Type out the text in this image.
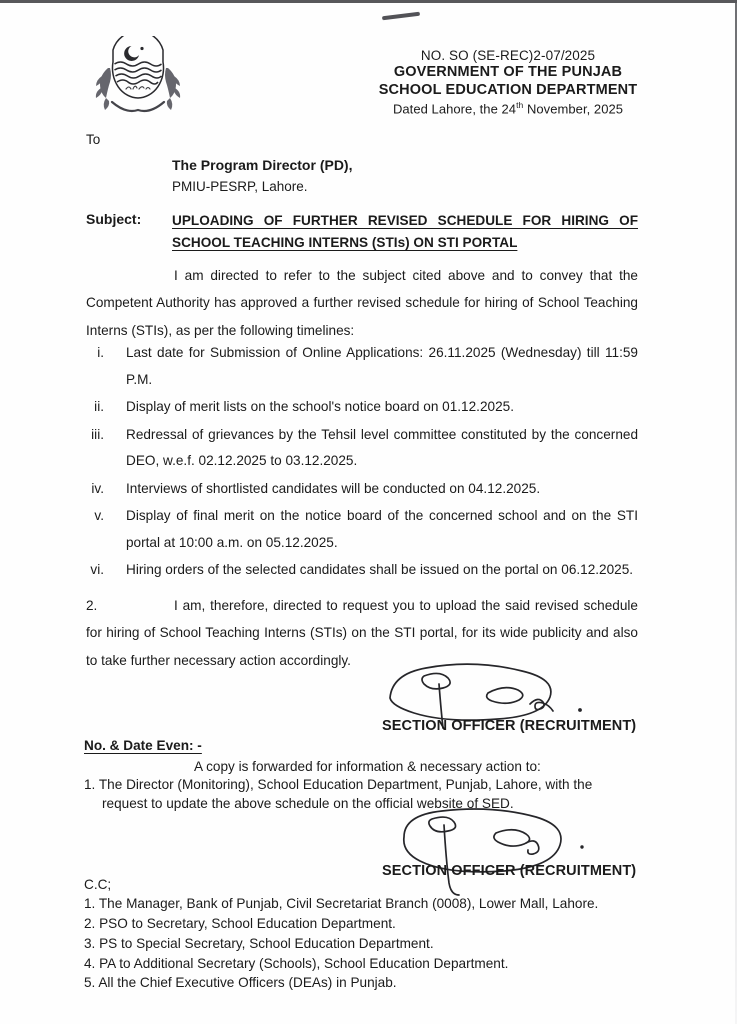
NO. SO (SE-REC)2-07/2025
GOVERNMENT OF THE PUNJAB
SCHOOL EDUCATION DEPARTMENT
Dated Lahore, the 24th November, 2025
To
The Program Director (PD),
PMIU-PESRP, Lahore.
Subject: UPLOADING OF FURTHER REVISED SCHEDULE FOR HIRING OF
SCHOOL TEACHING INTERNS (STIs) ON STI PORTAL
I am directed to refer to the subject cited above and to convey that the Competent Authority has approved a further revised schedule for hiring of School Teaching Interns (STIs), as per the following timelines:
i.	Last date for Submission of Online Applications: 26.11.2025 (Wednesday) till 11:59 P.M.
ii.	Display of merit lists on the school's notice board on 01.12.2025.
iii.	Redressal of grievances by the Tehsil level committee constituted by the concerned DEO, w.e.f. 02.12.2025 to 03.12.2025.
iv.	Interviews of shortlisted candidates will be conducted on 04.12.2025.
v.	Display of final merit on the notice board of the concerned school and on the STI portal at 10:00 a.m. on 05.12.2025.
vi.	Hiring orders of the selected candidates shall be issued on the portal on 06.12.2025.
2.	I am, therefore, directed to request you to upload the said revised schedule for hiring of School Teaching Interns (STIs) on the STI portal, for its wide publicity and also to take further necessary action accordingly.
SECTION OFFICER (RECRUITMENT)
No. & Date Even: -
A copy is forwarded for information & necessary action to:
1. The Director (Monitoring), School Education Department, Punjab, Lahore, with the
request to update the above schedule on the official website of SED.
SECTION OFFICER (RECRUITMENT)
C.C;
1. The Manager, Bank of Punjab, Civil Secretariat Branch (0008), Lower Mall, Lahore.
2. PSO to Secretary, School Education Department.
3. PS to Special Secretary, School Education Department.
4. PA to Additional Secretary (Schools), School Education Department.
5. All the Chief Executive Officers (DEAs) in Punjab.
